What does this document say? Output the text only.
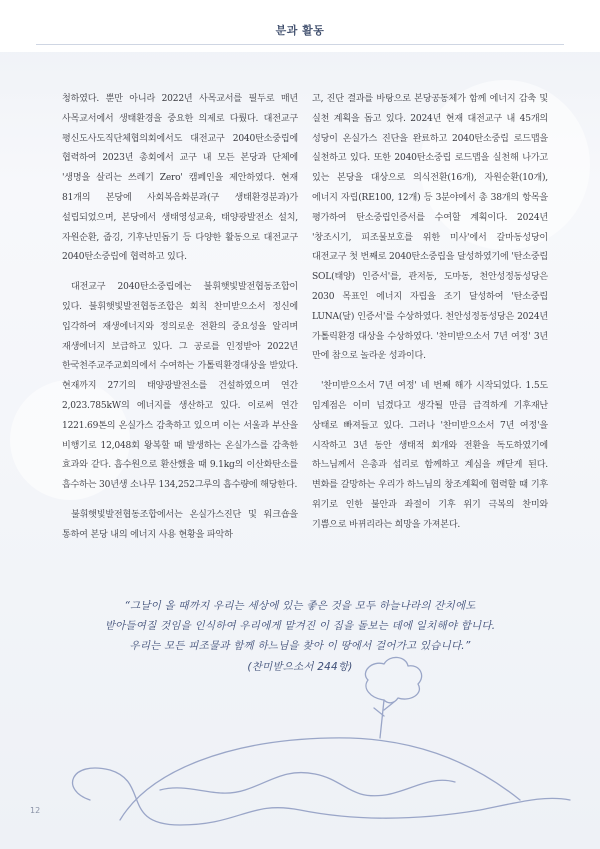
분과 활동

청하였다. 뿐만 아니라 2022년 사목교서를 필두로 매년 사목교서에서 생태환경을 중요한 의제로 다뤘다. 대전교구 평신도사도직단체협의회에서도 대전교구 2040탄소중립에 협력하여 2023년 총회에서 교구 내 모든 본당과 단체에 '생명을 살리는 쓰레기 Zero' 캠페인을 제안하였다. 현재 81개의 본당에 사회복음화분과(구 생태환경분과)가 설립되었으며, 본당에서 생태영성교육, 태양광발전소 설치, 자원순환, 줍깅, 기후난민돕기 등 다양한 활동으로 대전교구 2040탄소중립에 협력하고 있다.

대전교구 2040탄소중립에는 불휘햇빛발전협동조합이 있다. 불휘햇빛발전협동조합은 회칙 찬미받으소서 정신에 입각하여 재생에너지와 정의로운 전환의 중요성을 알리며 재생에너지 보급하고 있다. 그 공로를 인정받아 2022년 한국천주교주교회의에서 수여하는 가톨릭환경대상을 받았다. 현재까지 27기의 태양광발전소를 건설하였으며 연간 2,023.785kW의 에너지를 생산하고 있다. 이로써 연간 1221.69톤의 온실가스 감축하고 있으며 이는 서울과 부산을 비행기로 12,048회 왕복할 때 발생하는 온실가스를 감축한 효과와 같다. 흡수원으로 환산했을 때 9.1kg의 이산화탄소를 흡수하는 30년생 소나무 134,252그루의 흡수량에 해당한다.

불휘햇빛발전협동조합에서는 온실가스진단 및 워크숍을 통하여 본당 내의 에너지 사용 현황을 파악하

고, 진단 결과를 바탕으로 본당공동체가 함께 에너지 감축 및 실천 계획을 돕고 있다. 2024년 현재 대전교구 내 45개의 성당이 온실가스 진단을 완료하고 2040탄소중립 로드맵을 실천하고 있다. 또한 2040탄소중립 로드맵을 실천해 나가고 있는 본당을 대상으로 의식전환(16개), 자원순환(10개), 에너지 자립(RE100, 12개) 등 3분야에서 총 38개의 항목을 평가하여 탄소중립인증서를 수여할 계획이다. 2024년 '창조시기, 피조물보호를 위한 미사'에서 갈마동성당이 대전교구 첫 번째로 2040탄소중립을 달성하였기에 '탄소중립 SOL(태양) 인증서'를, 관저동, 도마동, 천안성정동성당은 2030 목표인 에너지 자립을 조기 달성하여 '탄소중립 LUNA(달) 인증서'를 수상하였다. 천안성정동성당은 2024년 가톨릭환경 대상을 수상하였다. '찬미받으소서 7년 여정' 3년 만에 참으로 놀라운 성과이다.

'찬미받으소서 7년 여정' 네 번째 해가 시작되었다. 1.5도 임계점은 이미 넘겼다고 생각될 만큼 급격하게 기후재난 상태로 빠져들고 있다. 그러나 '찬미받으소서 7년 여정'을 시작하고 3년 동안 생태적 회개와 전환을 독도하였기에 하느님께서 은총과 섭리로 함께하고 계심을 깨닫게 된다. 변화를 갈망하는 우리가 하느님의 창조계획에 협력할 때 기후 위기로 인한 불안과 좌절이 기후 위기 극복의 찬미와 기쁨으로 바뀌리라는 희망을 가져본다.

“그날이 올 때까지 우리는 세상에 있는 좋은 것을 모두 하늘나라의 잔치에도
받아들여질 것임을 인식하여 우리에게 맡겨진 이 집을 돌보는 데에 일치해야 합니다.
우리는 모든 피조물과 함께 하느님을 찾아 이 땅에서 걸어가고 있습니다.”
(찬미받으소서 244항)
12
